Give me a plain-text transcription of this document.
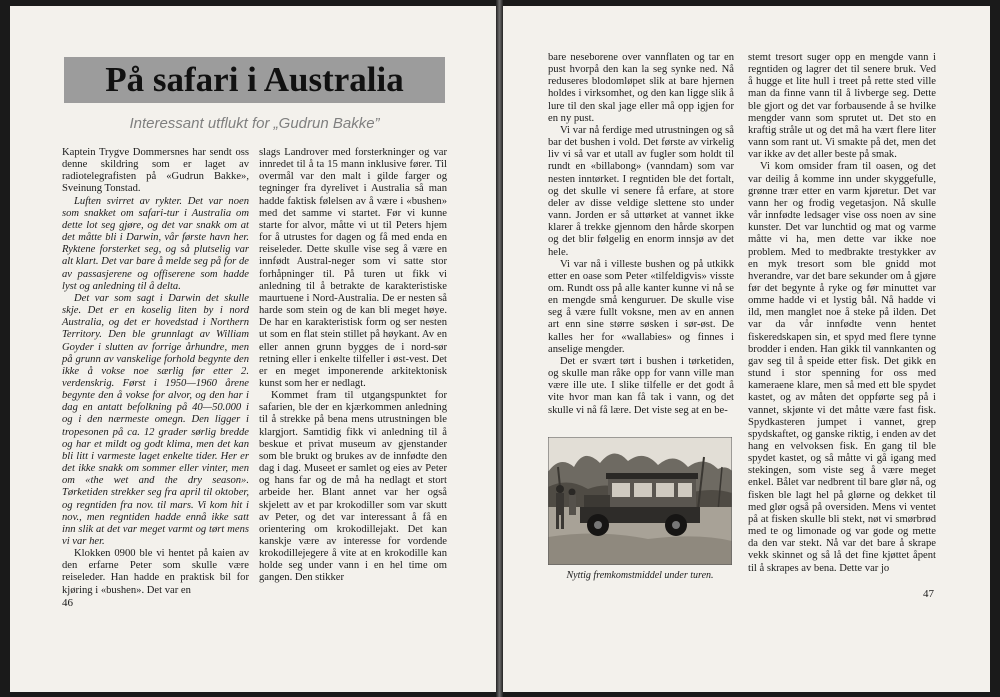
På safari i Australia
Interessant utflukt for „Gudrun Bakke”

Kaptein Trygve Dommersnes har sendt oss denne skildring som er laget av radiotelegrafisten på «Gudrun Bakke», Sveinung Tonstad.

Luften svirret av rykter. Det var noen som snakket om safari-tur i Australia om dette lot seg gjøre, og det var snakk om at det måtte bli i Darwin, vår første havn her. Ryktene forsterket seg, og så plutselig var alt klart. Det var bare å melde seg på for de av passasjerene og offiserene som hadde lyst og anledning til å delta.

Det var som sagt i Darwin det skulle skje. Det er en koselig liten by i nord Australia, og det er hovedstad i Northern Territory. Den ble grunnlagt av William Goyder i slutten av forrige århundre, men på grunn av vanskelige forhold begynte den ikke å vokse noe særlig før etter 2. verdenskrig. Først i 1950—1960 årene begynte den å vokse for alvor, og den har i dag en antatt befolkning på 40—50.000 i og i den nærmeste omegn. Den ligger i tropesonen på ca. 12 grader sørlig bredde og har et mildt og godt klima, men det kan bli litt i varmeste laget enkelte tider. Her er det ikke snakk om sommer eller vinter, men om «the wet and the dry season». Tørketiden strekker seg fra april til oktober, og regntiden fra nov. til mars. Vi kom hit i nov., men regntiden hadde ennå ikke satt inn slik at det var meget varmt og tørt mens vi var her.

Klokken 0900 ble vi hentet på kaien av den erfarne Peter som skulle være reiseleder. Han hadde en praktisk bil for kjøring i «bushen». Det var en

slags Landrover med forsterkninger og var innredet til å ta 15 mann inklusive fører. Til overmål var den malt i gilde farger og tegninger fra dyrelivet i Australia så man hadde faktisk følelsen av å være i «bushen» med det samme vi startet. Før vi kunne starte for alvor, måtte vi ut til Peters hjem for å utrustes for dagen og få med enda en reiseleder. Dette skulle vise seg å være en innfødt Austral-neger som vi satte stor forhåpninger til. På turen ut fikk vi anledning til å betrakte de karakteristiske maurtuene i Nord-Australia. De er nesten så harde som stein og de kan bli meget høye. De har en karakteristisk form og ser nesten ut som en flat stein stillet på høykant. Av en eller annen grunn bygges de i nord-sør retning eller i enkelte tilfeller i øst-vest. Det er en meget imponerende arkitektonisk kunst som her er nedlagt.

Kommet fram til utgangspunktet for safarien, ble der en kjærkommen anledning til å strekke på bena mens utrustningen ble klargjort. Samtidig fikk vi anledning til å beskue et privat museum av gjenstander som ble brukt og brukes av de innfødte den dag i dag. Museet er samlet og eies av Peter og hans far og de må ha nedlagt et stort arbeide her. Blant annet var her også skjelett av et par krokodiller som var skutt av Peter, og det var interessant å få en orientering om krokodillejakt. Det kan kanskje være av interesse for vordende krokodillejegere å vite at en krokodille kan holde seg under vann i en hel time om gangen. Den stikker

46

bare neseborene over vannflaten og tar en pust hvorpå den kan la seg synke ned. Nå reduseres blodomløpet slik at bare hjernen holdes i virksomhet, og den kan ligge slik å lure til den skal jage eller må opp igjen for en ny pust.

Vi var nå ferdige med utrustningen og så bar det bushen i vold. Det første av virkelig liv vi så var et utall av fugler som holdt til rundt en «billabong» (vanndam) som var nesten inntørket. I regntiden ble det fortalt, og det skulle vi senere få erfare, at store deler av disse veldige slettene sto under vann. Jorden er så uttørket at vannet ikke klarer å trekke gjennom den hårde skorpen og det blir følgelig en enorm innsjø av det hele.

Vi var nå i villeste bushen og på utkikk etter en oase som Peter «tilfeldigvis» visste om. Rundt oss på alle kanter kunne vi nå se en mengde små kenguruer. De skulle vise seg å være fullt voksne, men av en annen art enn sine større søsken i sør-øst. De kalles her for «wallabies» og finnes i anselige mengder.

Det er svært tørt i bushen i tørketiden, og skulle man råke opp for vann ville man være ille ute. I slike tilfelle er det godt å vite hvor man kan få tak i vann, og det skulle vi nå få lære. Det viste seg at en be-

Nyttig fremkomstmiddel under turen.

stemt tresort suger opp en mengde vann i regntiden og lagrer det til senere bruk. Ved å hugge et lite hull i treet på rette sted ville man da finne vann til å livberge seg. Dette ble gjort og det var forbausende å se hvilke mengder vann som sprutet ut. Det sto en kraftig stråle ut og det må ha vært flere liter vann som rant ut. Vi smakte på det, men det var ikke av det aller beste på smak.

Vi kom omsider fram til oasen, og det var deilig å komme inn under skyggefulle, grønne trær etter en varm kjøretur. Det var vann her og frodig vegetasjon. Nå skulle vår innfødte ledsager vise oss noen av sine kunster. Det var lunchtid og mat og varme måtte vi ha, men dette var ikke noe problem. Med to medbrakte trestykker av en myk tresort som ble gnidd mot hverandre, var det bare sekunder om å gjøre før det begynte å ryke og før minuttet var omme hadde vi et lystig bål. Nå hadde vi ild, men manglet noe å steke på ilden. Det var da vår innfødte venn hentet fiskeredskapen sin, et spyd med flere tynne brodder i enden. Han gikk til vannkanten og gav seg til å speide etter fisk. Det gikk en stund i stor spenning for oss med kameraene klare, men så med ett ble spydet kastet, og av måten det oppførte seg på i vannet, skjønte vi det måtte være fast fisk. Spydkasteren jumpet i vannet, grep spydskaftet, og ganske riktig, i enden av det hang en velvoksen fisk. En gang til ble spydet kastet, og så måtte vi gå igang med stekingen, som viste seg å være meget enkel. Bålet var nedbrent til bare glør nå, og fisken ble lagt hel på glørne og dekket til med glør også på oversiden. Mens vi ventet på at fisken skulle bli stekt, nøt vi smørbrød med te og limonade og var gode og mette da den var stekt. Nå var det bare å skrape vekk skinnet og så lå det fine kjøttet åpent til å skrapes av bena. Dette var jo

47
